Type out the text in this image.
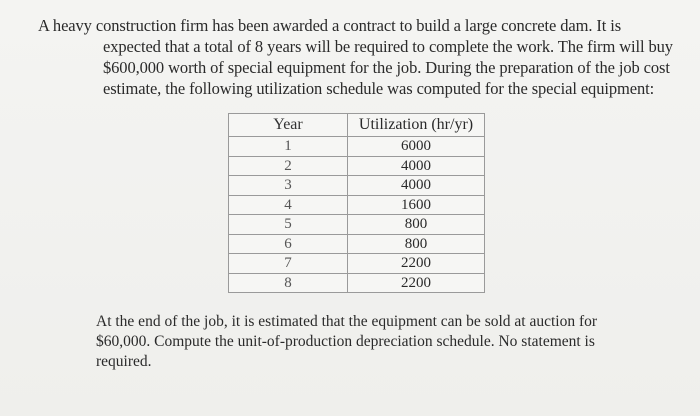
A heavy construction firm has been awarded a contract to build a large concrete dam. It is
expected that a total of 8 years will be required to complete the work. The firm will buy $600,000 worth of special equipment for the job. During the preparation of the job cost estimate, the following utilization schedule was computed for the special equipment:

Year	Utilization (hr/yr)
1	6000
2	4000
3	4000
4	1600
5	800
6	800
7	2200
8	2200

At the end of the job, it is estimated that the equipment can be sold at auction for $60,000. Compute the unit-of-production depreciation schedule. No statement is required.
